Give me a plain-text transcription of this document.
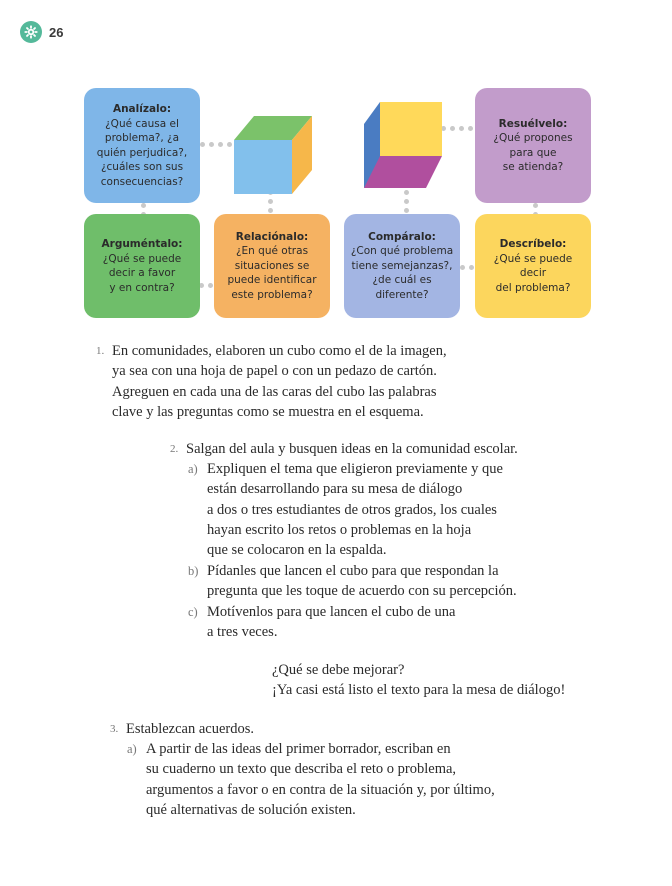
26
Analízalo:
¿Qué causa el
problema?, ¿a
quién perjudica?,
¿cuáles son sus
consecuencias?
Resuélvelo:
¿Qué propones
para que
se atienda?
Arguméntalo:
¿Qué se puede
decir a favor
y en contra?
Relaciónalo:
¿En qué otras
situaciones se
puede identificar
este problema?
Compáralo:
¿Con qué problema
tiene semejanzas?,
¿de cuál es
diferente?
Descríbelo:
¿Qué se puede
decir
del problema?
1. En comunidades, elaboren un cubo como el de la imagen,
ya sea con una hoja de papel o con un pedazo de cartón.
Agreguen en cada una de las caras del cubo las palabras
clave y las preguntas como se muestra en el esquema.
2. Salgan del aula y busquen ideas en la comunidad escolar.
a) Expliquen el tema que eligieron previamente y que
están desarrollando para su mesa de diálogo
a dos o tres estudiantes de otros grados, los cuales
hayan escrito los retos o problemas en la hoja
que se colocaron en la espalda.
b) Pídanles que lancen el cubo para que respondan la
pregunta que les toque de acuerdo con su percepción.
c) Motívenlos para que lancen el cubo de una
a tres veces.
¿Qué se debe mejorar?
¡Ya casi está listo el texto para la mesa de diálogo!
3. Establezcan acuerdos.
a) A partir de las ideas del primer borrador, escriban en
su cuaderno un texto que describa el reto o problema,
argumentos a favor o en contra de la situación y, por último,
qué alternativas de solución existen.
